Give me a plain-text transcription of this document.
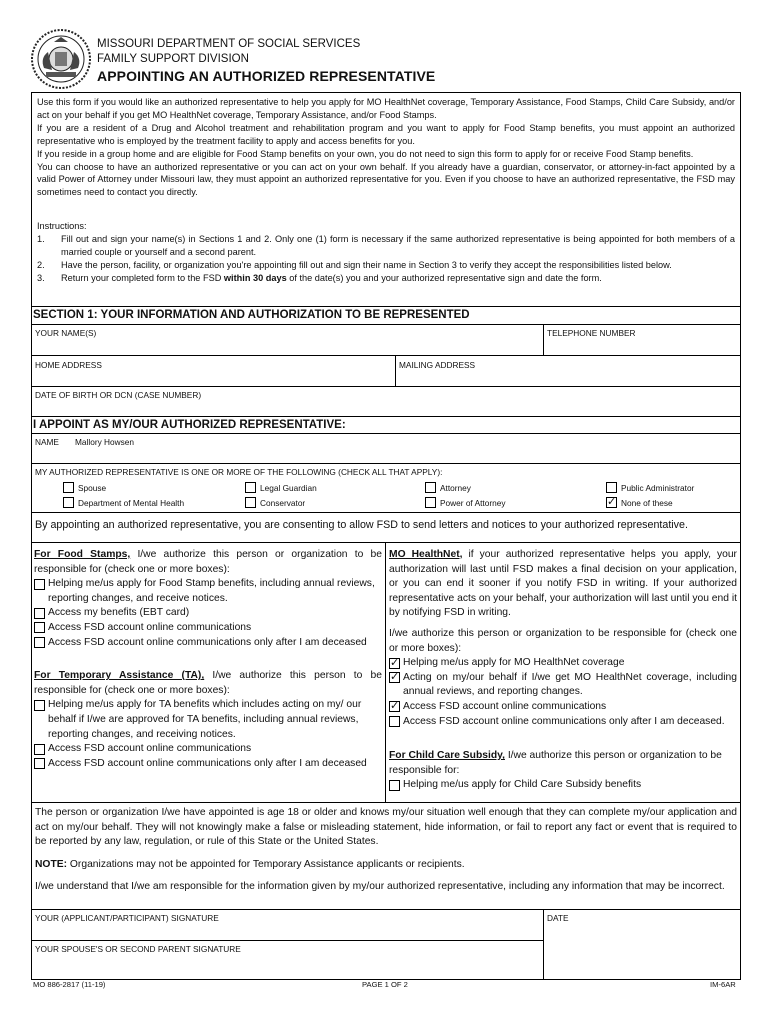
MISSOURI DEPARTMENT OF SOCIAL SERVICES
FAMILY SUPPORT DIVISION
APPOINTING AN AUTHORIZED REPRESENTATIVE

Use this form if you would like an authorized representative to help you apply for MO HealthNet coverage, Temporary Assistance, Food Stamps, Child Care Subsidy, and/or act on your behalf if you get MO HealthNet coverage, Temporary Assistance, and/or Food Stamps.

If you are a resident of a Drug and Alcohol treatment and rehabilitation program and you want to apply for Food Stamp benefits, you must appoint an authorized representative who is employed by the treatment facility to apply and access benefits for you.

If you reside in a group home and are eligible for Food Stamp benefits on your own, you do not need to sign this form to apply for or receive Food Stamp benefits.

You can choose to have an authorized representative or you can act on your own behalf. If you already have a guardian, conservator, or attorney-in-fact appointed by a valid Power of Attorney under Missouri law, they must appoint an authorized representative for you. Even if you choose to have an authorized representative, the FSD may sometimes need to contact you directly.

Instructions:
1.	Fill out and sign your name(s) in Sections 1 and 2. Only one (1) form is necessary if the same authorized representative is being appointed for both members of a married couple or yourself and a second parent.
2.	Have the person, facility, or organization you're appointing fill out and sign their name in Section 3 to verify they accept the responsibilities listed below.
3.	Return your completed form to the FSD within 30 days of the date(s) you and your authorized representative sign and date the form.
SECTION 1: YOUR INFORMATION AND AUTHORIZATION TO BE REPRESENTED
YOUR NAME(S)	TELEPHONE NUMBER
HOME ADDRESS	MAILING ADDRESS
DATE OF BIRTH OR DCN (CASE NUMBER)
I APPOINT AS MY/OUR AUTHORIZED REPRESENTATIVE:
NAME Mallory Howsen
MY AUTHORIZED REPRESENTATIVE IS ONE OR MORE OF THE FOLLOWING (CHECK ALL THAT APPLY):
Spouse	Legal Guardian	Attorney	Public Administrator
Department of Mental Health	Conservator	Power of Attorney
✓	None of these
By appointing an authorized representative, you are consenting to allow FSD to send letters and notices to your authorized representative.
For Food Stamps, I/we authorize this person or organization to be responsible for (check one or more boxes):
Helping me/us apply for Food Stamp benefits, including annual reviews, reporting changes, and receive notices.
Access my benefits (EBT card)
Access FSD account online communications
Access FSD account online communications only after I am deceased
For Temporary Assistance (TA), I/we authorize this person to be responsible for (check one or more boxes):
Helping me/us apply for TA benefits which includes acting on my/ our behalf if I/we are approved for TA benefits, including annual reviews, reporting changes, and receiving notices.
Access FSD account online communications
Access FSD account online communications only after I am deceased
MO HealthNet, if your authorized representative helps you apply, your authorization will last until FSD makes a final decision on your application, or you can end it sooner if you notify FSD in writing. If your authorized representative acts on your behalf, your authorization will last until you end it by notifying FSD in writing.
I/we authorize this person or organization to be responsible for (check one or more boxes):
✓
Helping me/us apply for MO HealthNet coverage
✓
Acting on my/our behalf if I/we get MO HealthNet coverage, including annual reviews, and reporting changes.
✓
Access FSD account online communications
Access FSD account online communications only after I am deceased.
For Child Care Subsidy, I/we authorize this person or organization to be responsible for:
Helping me/us apply for Child Care Subsidy benefits
The person or organization I/we have appointed is age 18 or older and knows my/our situation well enough that they can complete my/our application and act on my/our behalf. They will not knowingly make a false or misleading statement, hide information, or fail to report any fact or event that is required to be reported by any law, regulation, or rule of this State or the United States.
NOTE: Organizations may not be appointed for Temporary Assistance applicants or recipients.
I/we understand that I/we am responsible for the information given by my/our authorized representative, including any information that may be incorrect.
YOUR (APPLICANT/PARTICIPANT) SIGNATURE	DATE
YOUR SPOUSE'S OR SECOND PARENT SIGNATURE
MO 886-2817 (11-19)	PAGE 1 OF 2	IM-6AR
